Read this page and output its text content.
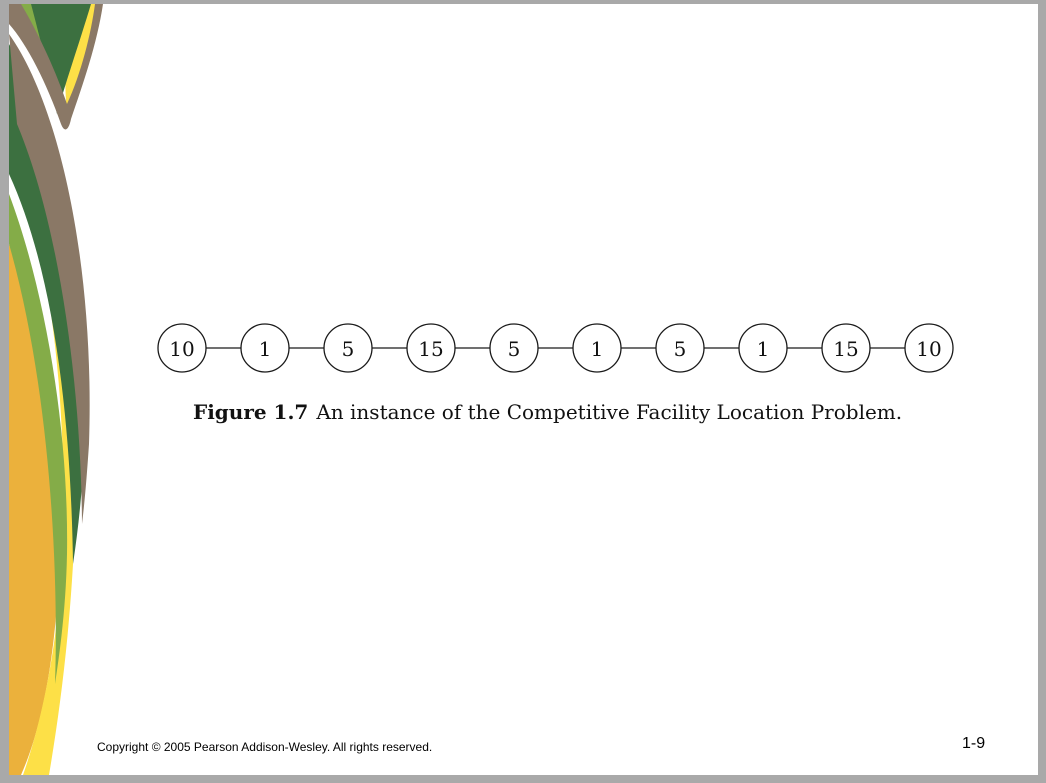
10	1	5	15	5	1	5	1	15	10
Figure 1.7 An instance of the Competitive Facility Location Problem.
Copyright © 2005 Pearson Addison-Wesley. All rights reserved.	1-9
